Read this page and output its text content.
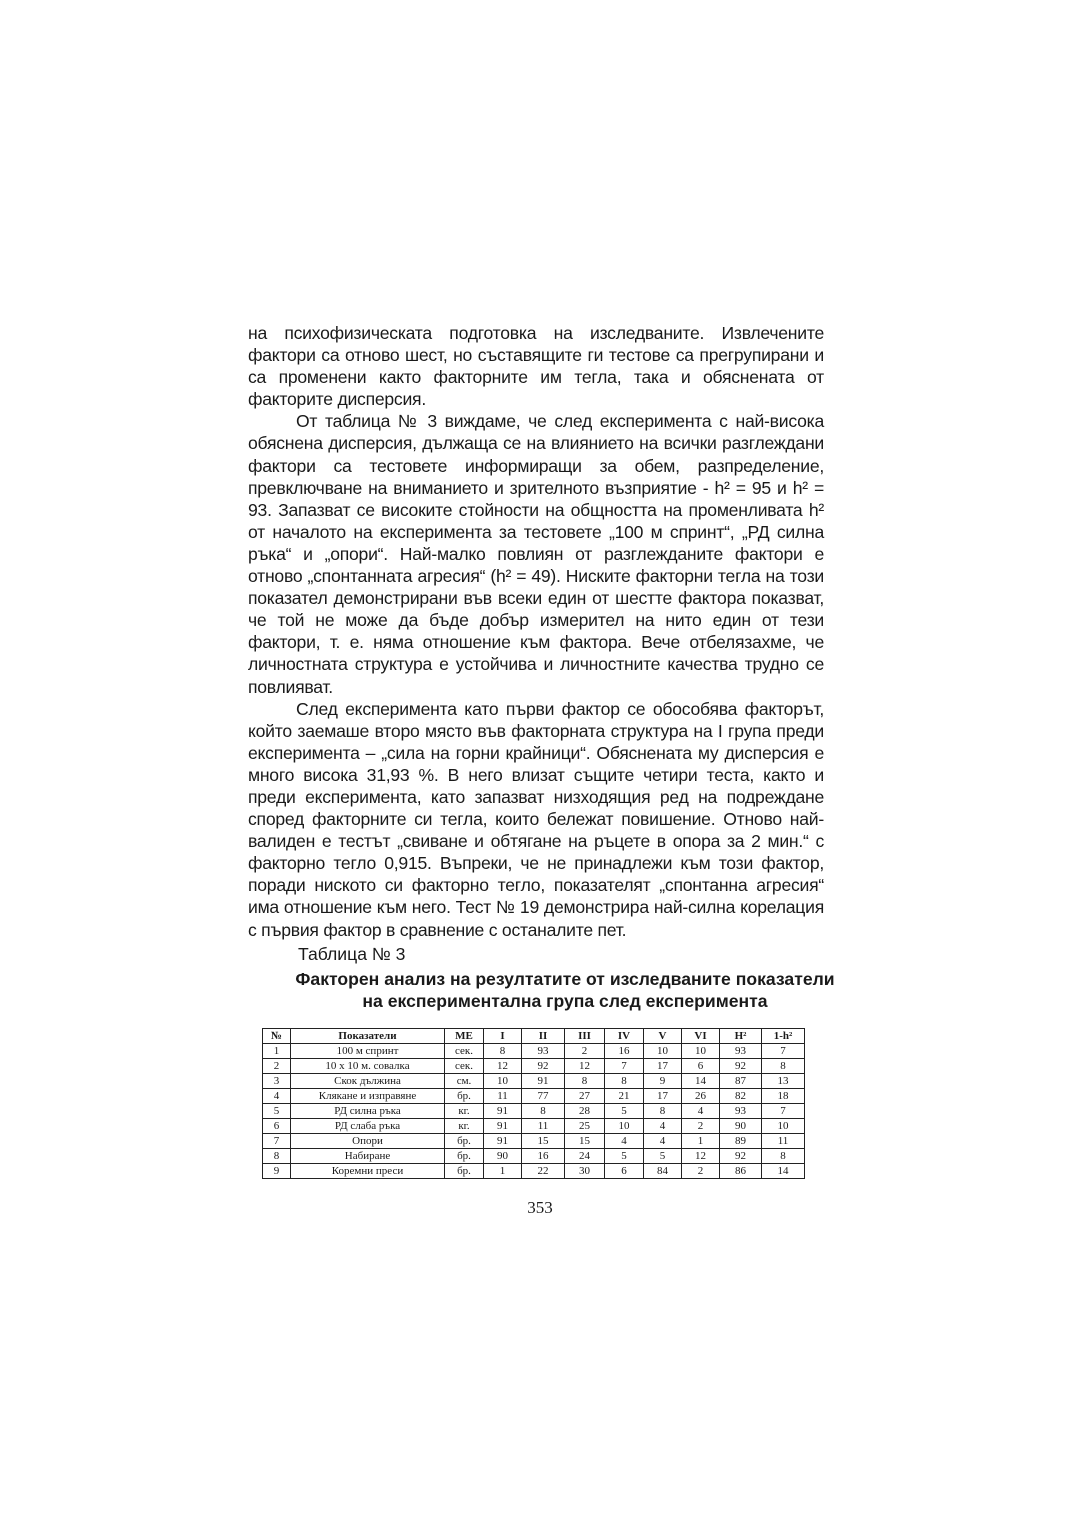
на психофизическата подготовка на изследваните. Извлечените фактори са отново шест, но съставящите ги тестове са прегрупирани и са променени както факторните им тегла, така и обяснената от факторите дисперсия.

От таблица № 3 виждаме, че след експеримента с най-висока обяснена дисперсия, дължаща се на влиянието на всички разглеждани фактори са тестовете информиращи за обем, разпределение, превключване на вниманието и зрителното възприятие - h² = 95 и h² = 93. Запазват се високите стойности на общността на променливата h² от началото на експеримента за тестовете „100 м спринт“, „РД силна ръка“ и „опори“. Най-малко повлиян от разглежданите фактори е отново „спонтанната агресия“ (h² = 49). Ниските факторни тегла на този показател демонстрирани във всеки един от шестте фактора показват, че той не може да бъде добър измерител на нито един от тези фактори, т. е. няма отношение към фактора. Вече отбелязахме, че личностната структура е устойчива и личностните качества трудно се повлияват.

След експеримента като първи фактор се обособява факторът, който заемаше второ място във факторната структура на I група преди експеримента – „сила на горни крайници“. Обяснената му дисперсия е много висока 31,93 %. В него влизат същите четири теста, както и преди експеримента, като запазват низходящия ред на подреждане според факторните си тегла, които бележат повишение. Отново най-валиден е тестът „свиване и обтягане на ръцете в опора за 2 мин.“ с факторно тегло 0,915. Въпреки, че не принадлежи към този фактор, поради ниското си факторно тегло, показателят „спонтанна агресия“ има отношение към него. Тест № 19 демонстрира най-силна корелация с първия фактор в сравнение с останалите пет.

Таблица № 3
Факторен анализ на резултатите от изследваните показатели
на експериментална група след експеримента
№	Показатели	МЕ	I	II	III	IV	V	VI	H²	1-h²
1	100 м спринт	сек.	8	93	2	16	10	10	93	7
2	10 х 10 м. совалка	сек.	12	92	12	7	17	6	92	8
3	Скок дължина	см.	10	91	8	8	9	14	87	13
4	Клякане и изправяне	бр.	11	77	27	21	17	26	82	18
5	РД силна ръка	кг.	91	8	28	5	8	4	93	7
6	РД слаба ръка	кг.	91	11	25	10	4	2	90	10
7	Опори	бр.	91	15	15	4	4	1	89	11
8	Набиране	бр.	90	16	24	5	5	12	92	8
9	Коремни преси	бр.	1	22	30	6	84	2	86	14
353
